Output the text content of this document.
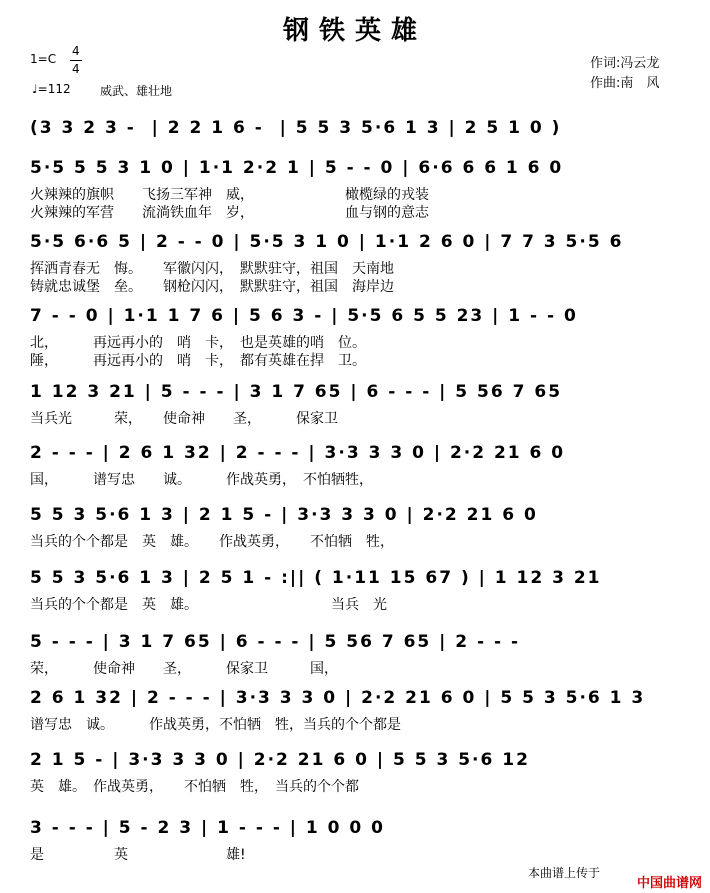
钢铁英雄
1=C
4
4
♩=112 威武、雄壮地
作词:冯云龙
作曲:南　风
(3 3 2 3 -  | 2 2 1 6 -  | 5 5 3 5·6 1 3 | 2 5 1 0 )
5·5 5 5 3 1 0 | 1·1 2·2 1 | 5 - - 0 | 6·6 6 6 1 6 0
火辣辣的旗帜　　飞扬三军神　威，　　　　　　　橄榄绿的戎装
火辣辣的军营　　流淌铁血年　岁，　　　　　　　血与钢的意志
5·5 6·6 5 | 2 - - 0 | 5·5 3 1 0 | 1·1 2 6 0 | 7 7 3 5·5 6
挥洒青春无　悔。　　军徽闪闪，　默默驻守，祖国　天南地
铸就忠诚堡　垒。　　钢枪闪闪，　默默驻守，祖国　海岸边
7 - - 0 | 1·1 1 7 6 | 5 6 3 - | 5·5 6 5 5 23 | 1 - - 0
北，　　　再远再小的　哨　卡，　也是英雄的哨　位。
陲，　　　再远再小的　哨　卡，　都有英雄在捍　卫。
1 12 3 21 | 5 - - - | 3 1 7 65 | 6 - - - | 5 56 7 65
当兵光　　　荣，　　使命神　　圣，　　　保家卫
2 - - - | 2 6 1 32 | 2 - - - | 3·3 3 3 0 | 2·2 21 6 0
国，　　　谱写忠　　诚。　　　作战英勇，　不怕牺牲，
5 5 3 5·6 1 3 | 2 1 5 - | 3·3 3 3 0 | 2·2 21 6 0
当兵的个个都是　英　雄。　　作战英勇，　　不怕牺　牲，
5 5 3 5·6 1 3 | 2 5 1 - :|| ( 1·11 15 67 ) | 1 12 3 21
当兵的个个都是　英　雄。　　　　　　　　　　当兵　光
5 - - - | 3 1 7 65 | 6 - - - | 5 56 7 65 | 2 - - -
荣，　　　使命神　　圣，　　　保家卫　　　国，
2 6 1 32 | 2 - - - | 3·3 3 3 0 | 2·2 21 6 0 | 5 5 3 5·6 1 3
谱写忠　诚。　　　作战英勇，不怕牺　牲，当兵的个个都是
2 1 5 - | 3·3 3 3 0 | 2·2 21 6 0 | 5 5 3 5·6 12
英　雄。　作战英勇，　　不怕牺　牲，　当兵的个个都
3 - - - | 5 - 2 3 | 1 - - - | 1 0 0 0
是　　　　　英　　　　　　　雄!
本曲谱上传于
中国曲谱网
